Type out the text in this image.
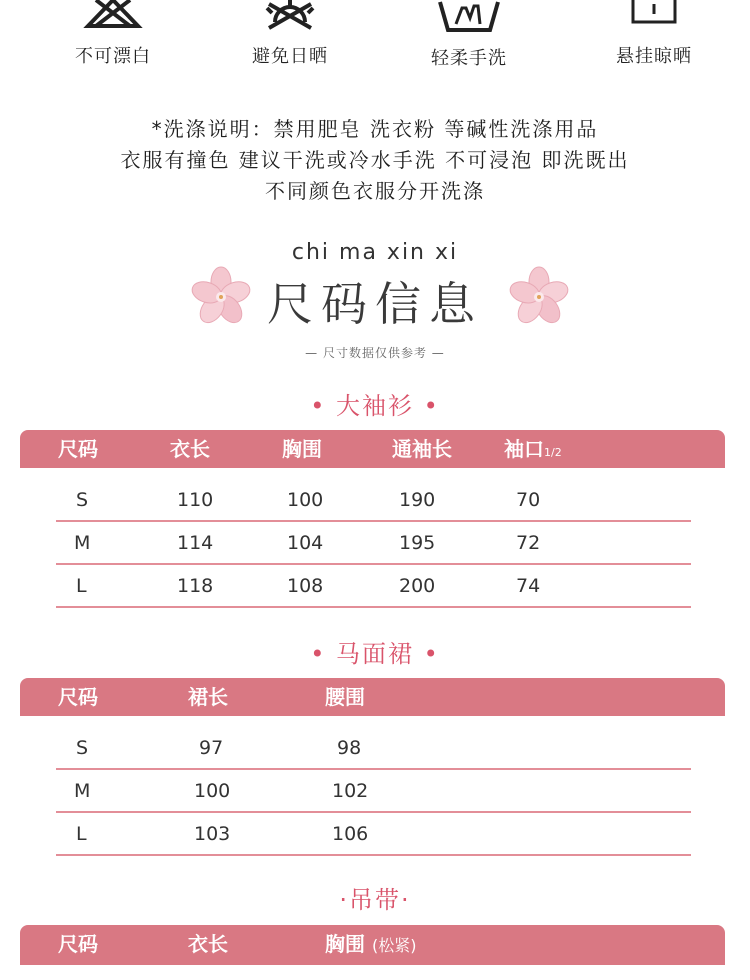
不可漂白	避免日晒	轻柔手洗	悬挂晾晒
*洗涤说明：禁用肥皂 洗衣粉 等碱性洗涤用品
衣服有撞色 建议干洗或冷水手洗 不可浸泡 即洗既出
不同颜色衣服分开洗涤
chi ma xin xi
尺码信息
— 尺寸数据仅供参考 —
• 大袖衫 •
尺码	衣长	胸围	通袖长	袖口1/2
S	110	100	190	70
M	114	104	195	72
L	118	108	200	74
• 马面裙 •
尺码	裙长	腰围
S	97	98
M	100	102
L	103	106
·吊带·
尺码	衣长	胸围 (松紧)
